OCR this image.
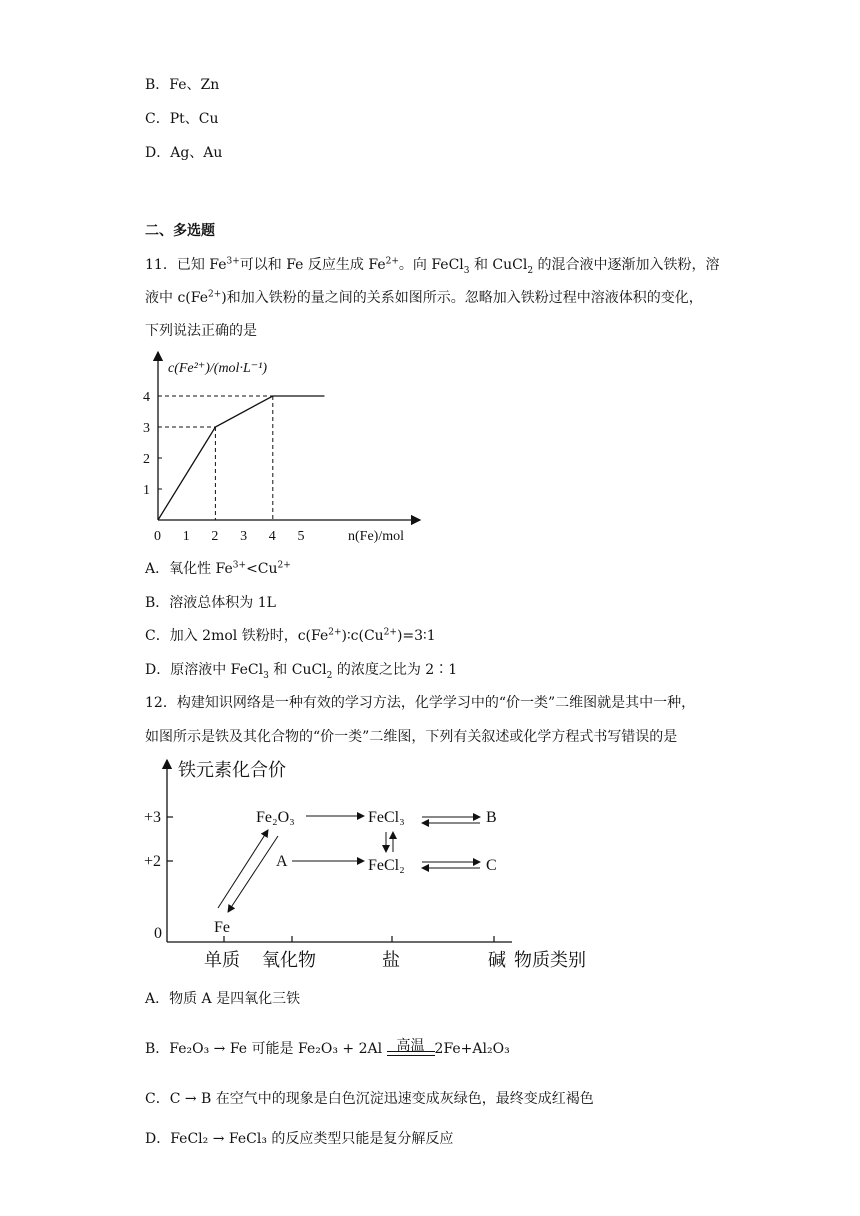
B．Fe、Zn
C．Pt、Cu
D．Ag、Au
二、多选题
11．已知 $Fe^{3+}$可以和 Fe 反应生成 $Fe^{2+}$。向 FeCl$_3$ 和 CuCl$_2$ 的混合液中逐渐加入铁粉，溶
液中 $c(Fe^{2+})$和加入铁粉的量之间的关系如图所示。忽略加入铁粉过程中溶液体积的变化，
下列说法正确的是
c(Fe²⁺)/(mol·L⁻¹)
n(Fe)/mol
0 1 2 3 4 5
1
2
3
4
A．氧化性 $Fe^{3+}<Cu^{2+}$
B．溶液总体积为 1L
C．加入 2mol 铁粉时，$c(Fe^{2+})∶c(Cu^{2+})=3∶1$
D．原溶液中 FeCl$_3$ 和 CuCl$_2$ 的浓度之比为 2∶1
12．构建知识网络是一种有效的学习方法，化学学习中的“价一类”二维图就是其中一种，
如图所示是铁及其化合物的“价一类”二维图，下列有关叙述或化学方程式书写错误的是
铁元素化合价
+3
+2
0
单质 氧化物	盐	碱 物质类别
Fe₂O₃	FeCl₃	B
A	FeCl₂	C
Fe
A．物质 A 是四氧化三铁
B．Fe₂O₃ → Fe 可能是 Fe₂O₃ + 2Al	高温 2Fe+Al₂O₃
C．C → B 在空气中的现象是白色沉淀迅速变成灰绿色，最终变成红褐色
D．FeCl₂ → FeCl₃ 的反应类型只能是复分解反应
